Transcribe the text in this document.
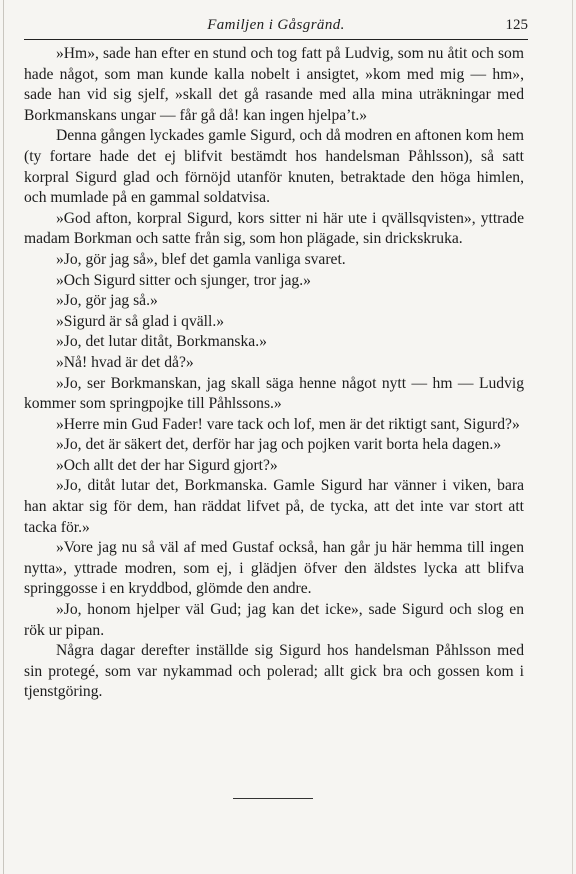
Familjen i Gåsgränd.	125

»Hm», sade han efter en stund och tog fatt på Ludvig, som nu åtit och som hade något, som man kunde kalla nobelt i ansigtet, »kom med mig — hm», sade han vid sig sjelf, »skall det gå rasande med alla mina uträkningar med Borkmanskans ungar — får gå då! kan ingen hjelpa’t.»

Denna gången lyckades gamle Sigurd, och då modren en aftonen kom hem (ty fortare hade det ej blifvit bestämdt hos handelsman Påhlsson), så satt korpral Sigurd glad och förnöjd utanför knuten, betraktade den höga himlen, och mumlade på en gammal soldatvisa.

»God afton, korpral Sigurd, kors sitter ni här ute i qvällsqvisten», yttrade madam Borkman och satte från sig, som hon plägade, sin drickskruka.

»Jo, gör jag så», blef det gamla vanliga svaret.

»Och Sigurd sitter och sjunger, tror jag.»

»Jo, gör jag så.»

»Sigurd är så glad i qväll.»

»Jo, det lutar ditåt, Borkmanska.»

»Nå! hvad är det då?»

»Jo, ser Borkmanskan, jag skall säga henne något nytt — hm — Ludvig kommer som springpojke till Påhlssons.»

»Herre min Gud Fader! vare tack och lof, men är det riktigt sant, Sigurd?»

»Jo, det är säkert det, derför har jag och pojken varit borta hela dagen.»

»Och allt det der har Sigurd gjort?»

»Jo, ditåt lutar det, Borkmanska. Gamle Sigurd har vänner i viken, bara han aktar sig för dem, han räddat lifvet på, de tycka, att det inte var stort att tacka för.»

»Vore jag nu så väl af med Gustaf också, han går ju här hemma till ingen nytta», yttrade modren, som ej, i glädjen öfver den äldstes lycka att blifva springgosse i en kryddbod, glömde den andre.

»Jo, honom hjelper väl Gud; jag kan det icke», sade Sigurd och slog en rök ur pipan.

Några dagar derefter inställde sig Sigurd hos handelsman Påhlsson med sin protegé, som var nykammad och polerad; allt gick bra och gossen kom i tjenstgöring.
